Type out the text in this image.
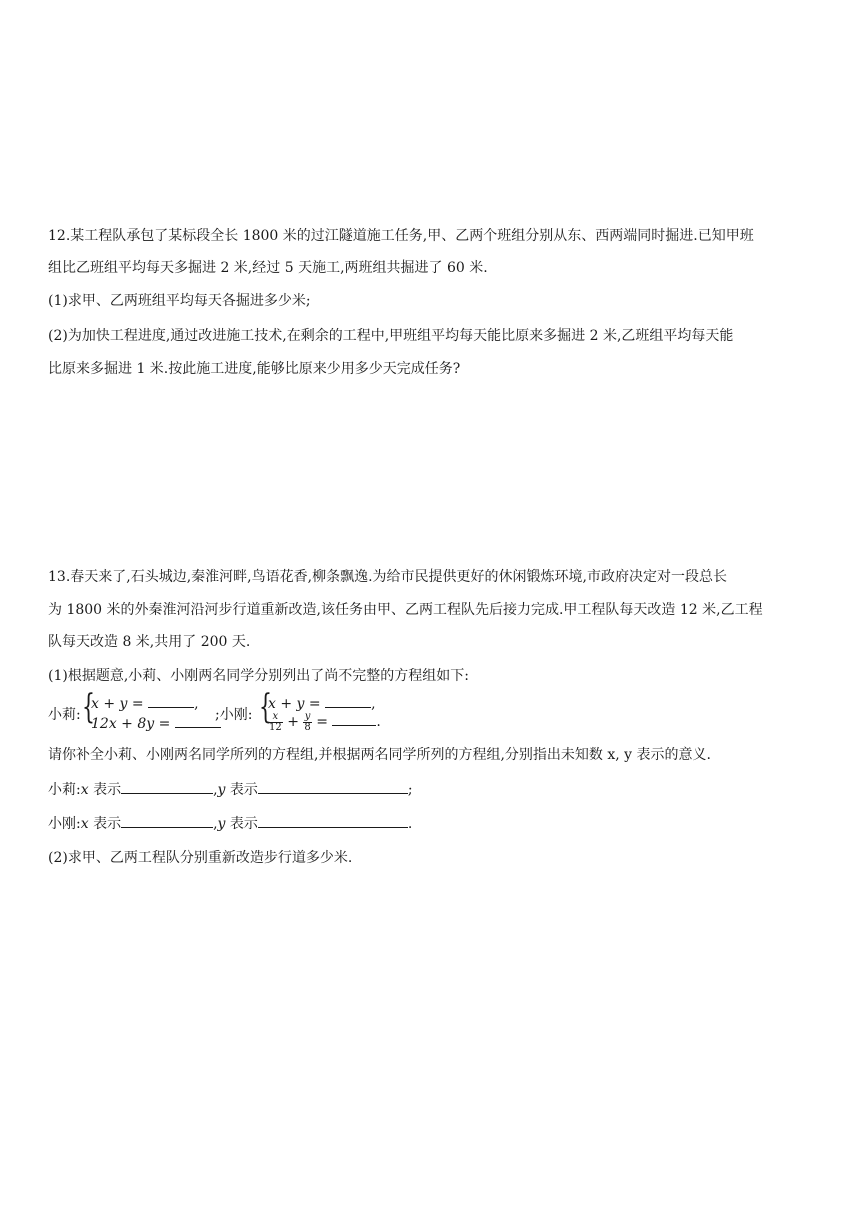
12.某工程队承包了某标段全长 1800 米的过江隧道施工任务,甲、乙两个班组分别从东、西两端同时掘进.已知甲班
组比乙班组平均每天多掘进 2 米,经过 5 天施工,两班组共掘进了 60 米.
(1)求甲、乙两班组平均每天各掘进多少米;
(2)为加快工程进度,通过改进施工技术,在剩余的工程中,甲班组平均每天能比原来多掘进 2 米,乙班组平均每天能
比原来多掘进 1 米.按此施工进度,能够比原来少用多少天完成任务?
13.春天来了,石头城边,秦淮河畔,鸟语花香,柳条飘逸.为给市民提供更好的休闲锻炼环境,市政府决定对一段总长
为 1800 米的外秦淮河沿河步行道重新改造,该任务由甲、乙两工程队先后接力完成.甲工程队每天改造 12 米,乙工程
队每天改造 8 米,共用了 200 天.
(1)根据题意,小莉、小刚两名同学分别列出了尚不完整的方程组如下:
小莉: {
x + y =	,
12x + 8y =
;小刚: {
x + y =	,
$\frac{x}{12} + \frac{y}{8}$ =	.
请你补全小莉、小刚两名同学所列的方程组,并根据两名同学所列的方程组,分别指出未知数 x, y 表示的意义.
小莉:x 表示	,y 表示	;
小刚:x 表示	,y 表示	.
(2)求甲、乙两工程队分别重新改造步行道多少米.
